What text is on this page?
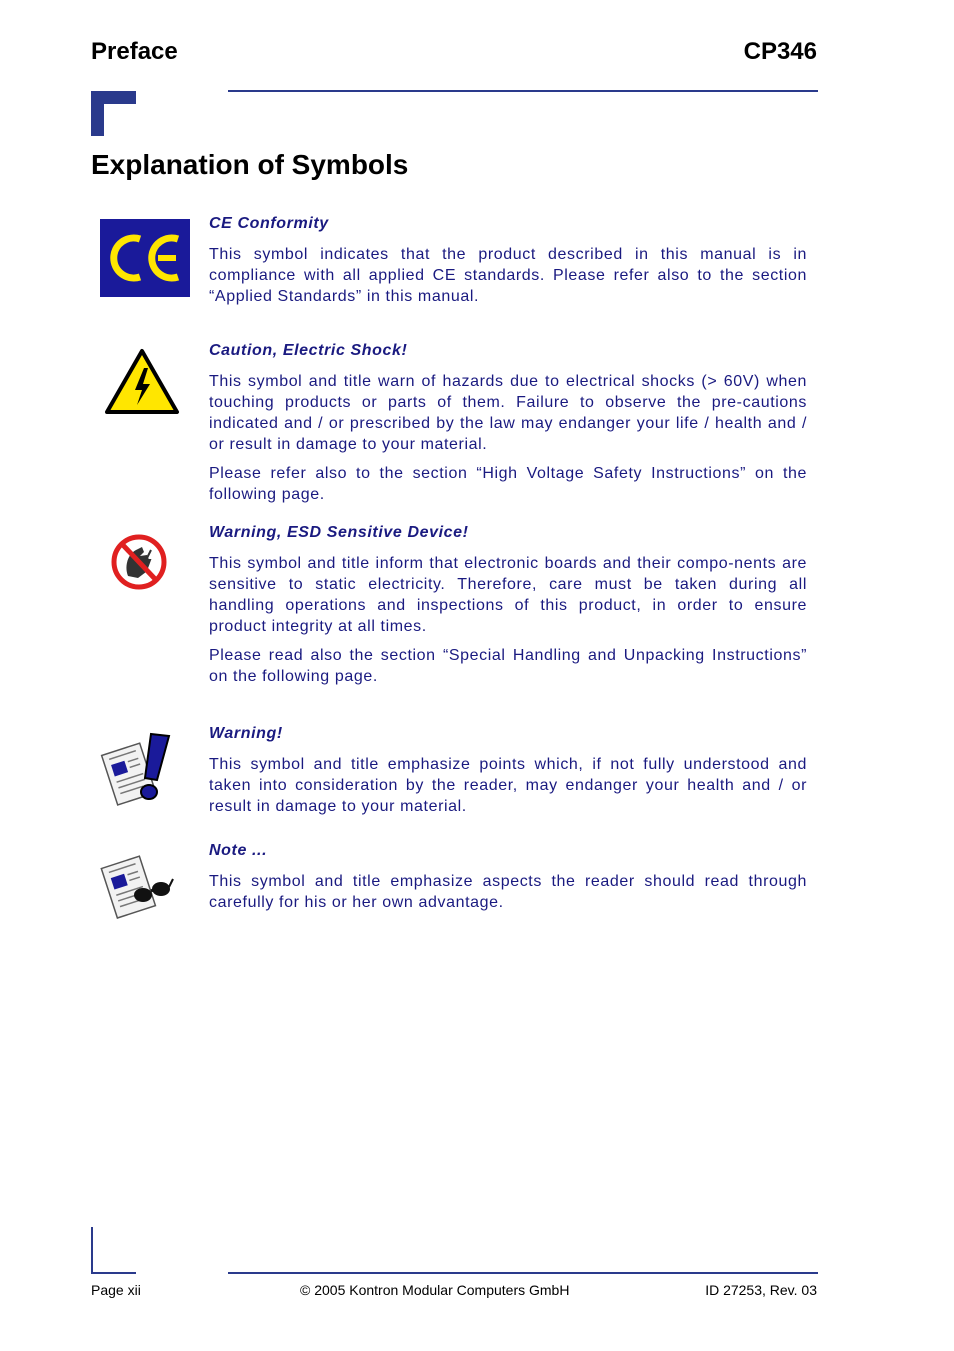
Preface	CP346
Explanation of Symbols

CE Conformity

This symbol indicates that the product described in this manual is in compliance with all applied CE standards. Please refer also to the section “Applied Standards” in this manual.

Caution, Electric Shock!

This symbol and title warn of hazards due to electrical shocks (> 60V) when touching products or parts of them. Failure to observe the pre-cautions indicated and / or prescribed by the law may endanger your life / health and / or result in damage to your material.

Please refer also to the section “High Voltage Safety Instructions” on the following page.

Warning, ESD Sensitive Device!

This symbol and title inform that electronic boards and their compo-nents are sensitive to static electricity. Therefore, care must be taken during all handling operations and inspections of this product, in order to ensure product integrity at all times.

Please read also the section “Special Handling and Unpacking Instructions” on the following page.

Warning!

This symbol and title emphasize points which, if not fully understood and taken into consideration by the reader, may endanger your health and / or result in damage to your material.

Note ...

This symbol and title emphasize aspects the reader should read through carefully for his or her own advantage.

Page xii	© 2005 Kontron Modular Computers GmbH	ID 27253, Rev. 03
